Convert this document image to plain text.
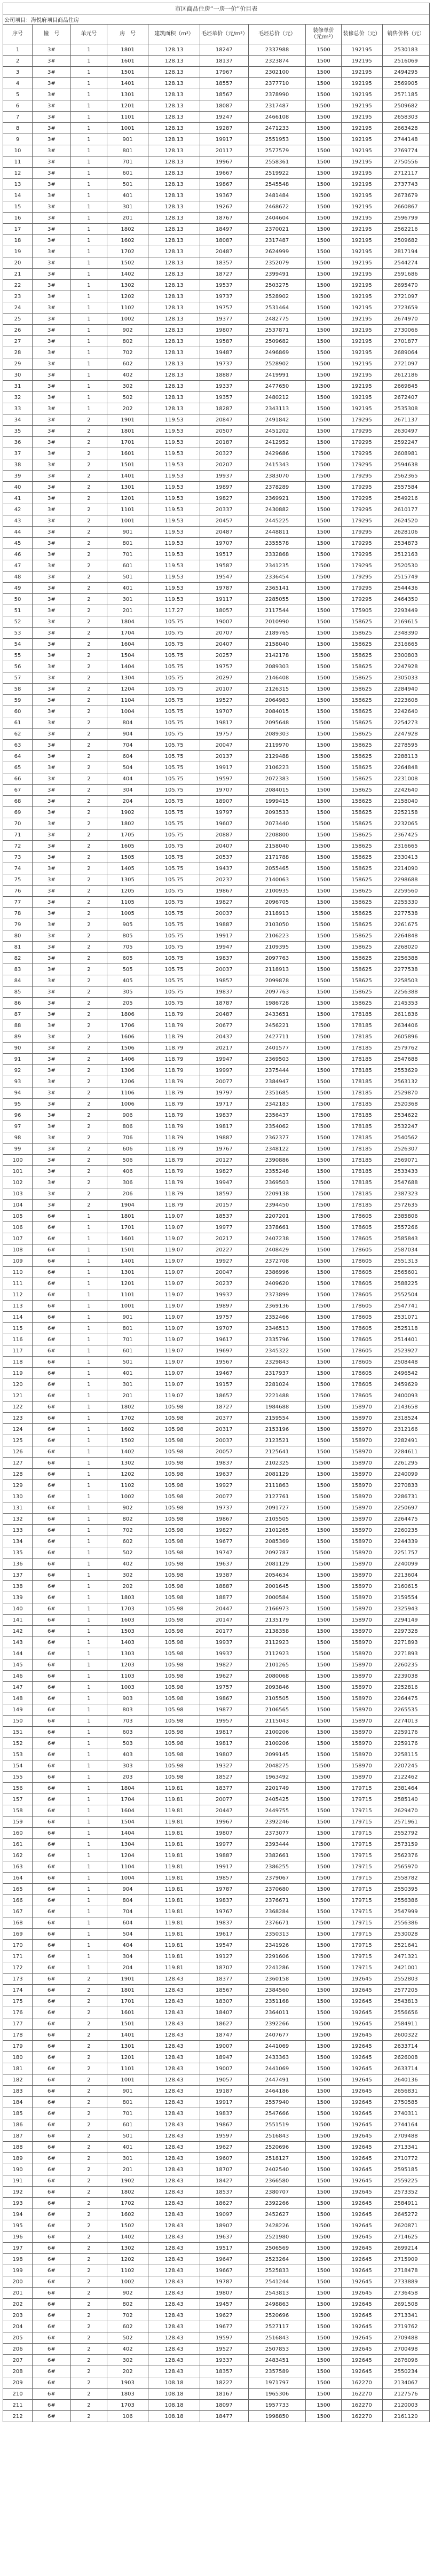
市区商品住房“一房一价”价目表									
公司项目：海悦府项目商品住房									
序号	幢　号	单元号	房　号	建筑面积（m²）	毛坯单价（元/m²）	毛坯总价（元）	装修单价（元/m²）	装修总价（元）	销售价格（元）
1	3#	1	1801	128.13	18247	2337988	1500	192195	2530183
2	3#	1	1601	128.13	18137	2323874	1500	192195	2516069
3	3#	1	1501	128.13	17967	2302100	1500	192195	2494295
4	3#	1	1401	128.13	18557	2377710	1500	192195	2569905
5	3#	1	1301	128.13	18567	2378990	1500	192195	2571185
6	3#	1	1201	128.13	18087	2317487	1500	192195	2509682
7	3#	1	1101	128.13	19247	2466108	1500	192195	2658303
8	3#	1	1001	128.13	19287	2471233	1500	192195	2663428
9	3#	1	901	128.13	19917	2551953	1500	192195	2744148
10	3#	1	801	128.13	20117	2577579	1500	192195	2769774
11	3#	1	701	128.13	19967	2558361	1500	192195	2750556
12	3#	1	601	128.13	19667	2519922	1500	192195	2712117
13	3#	1	501	128.13	19867	2545548	1500	192195	2737743
14	3#	1	401	128.13	19367	2481484	1500	192195	2673679
15	3#	1	301	128.13	19267	2468672	1500	192195	2660867
16	3#	1	201	128.13	18767	2404604	1500	192195	2596799
17	3#	1	1802	128.13	18497	2370021	1500	192195	2562216
18	3#	1	1602	128.13	18087	2317487	1500	192195	2509682
19	3#	1	1702	128.13	20487	2624999	1500	192195	2817194
20	3#	1	1502	128.13	18357	2352079	1500	192195	2544274
21	3#	1	1402	128.13	18727	2399491	1500	192195	2591686
22	3#	1	1302	128.13	19537	2503275	1500	192195	2695470
23	3#	1	1202	128.13	19737	2528902	1500	192195	2721097
24	3#	1	1102	128.13	19757	2531464	1500	192195	2723659
25	3#	1	1002	128.13	19377	2482775	1500	192195	2674970
26	3#	1	902	128.13	19807	2537871	1500	192195	2730066
27	3#	1	802	128.13	19587	2509682	1500	192195	2701877
28	3#	1	702	128.13	19487	2496869	1500	192195	2689064
29	3#	1	602	128.13	19737	2528902	1500	192195	2721097
30	3#	1	402	128.13	18887	2419991	1500	192195	2612186
31	3#	1	302	128.13	19337	2477650	1500	192195	2669845
32	3#	1	502	128.13	19357	2480212	1500	192195	2672407
33	3#	1	202	128.13	18287	2343113	1500	192195	2535308
34	3#	2	1901	119.53	20847	2491842	1500	179295	2671137
35	3#	2	1801	119.53	20507	2451202	1500	179295	2630497
36	3#	2	1701	119.53	20187	2412952	1500	179295	2592247
37	3#	2	1601	119.53	20327	2429686	1500	179295	2608981
38	3#	2	1501	119.53	20207	2415343	1500	179295	2594638
39	3#	2	1401	119.53	19937	2383070	1500	179295	2562365
40	3#	2	1301	119.53	19897	2378289	1500	179295	2557584
41	3#	2	1201	119.53	19827	2369921	1500	179295	2549216
42	3#	2	1101	119.53	20337	2430882	1500	179295	2610177
43	3#	2	1001	119.53	20457	2445225	1500	179295	2624520
44	3#	2	901	119.53	20487	2448811	1500	179295	2628106
45	3#	2	801	119.53	19707	2355578	1500	179295	2534873
46	3#	2	701	119.53	19517	2332868	1500	179295	2512163
47	3#	2	601	119.53	19587	2341235	1500	179295	2520530
48	3#	2	501	119.53	19547	2336454	1500	179295	2515749
49	3#	2	401	119.53	19787	2365141	1500	179295	2544436
50	3#	2	301	119.53	19117	2285055	1500	179295	2464350
51	3#	2	201	117.27	18057	2117544	1500	175905	2293449
52	3#	2	1804	105.75	19007	2010990	1500	158625	2169615
53	3#	2	1704	105.75	20707	2189765	1500	158625	2348390
54	3#	2	1604	105.75	20407	2158040	1500	158625	2316665
55	3#	2	1504	105.75	20257	2142178	1500	158625	2300803
56	3#	2	1404	105.75	19757	2089303	1500	158625	2247928
57	3#	2	1304	105.75	20297	2146408	1500	158625	2305033
58	3#	2	1204	105.75	20107	2126315	1500	158625	2284940
59	3#	2	1104	105.75	19527	2064983	1500	158625	2223608
60	3#	2	1004	105.75	19707	2084015	1500	158625	2242640
61	3#	2	804	105.75	19817	2095648	1500	158625	2254273
62	3#	2	904	105.75	19757	2089303	1500	158625	2247928
63	3#	2	704	105.75	20047	2119970	1500	158625	2278595
64	3#	2	604	105.75	20137	2129488	1500	158625	2288113
65	3#	2	504	105.75	19917	2106223	1500	158625	2264848
66	3#	2	404	105.75	19597	2072383	1500	158625	2231008
67	3#	2	304	105.75	19707	2084015	1500	158625	2242640
68	3#	2	204	105.75	18907	1999415	1500	158625	2158040
69	3#	2	1902	105.75	19797	2093533	1500	158625	2252158
70	3#	2	1802	105.75	19607	2073440	1500	158625	2232065
71	3#	2	1705	105.75	20887	2208800	1500	158625	2367425
72	3#	2	1605	105.75	20407	2158040	1500	158625	2316665
73	3#	2	1505	105.75	20537	2171788	1500	158625	2330413
74	3#	2	1405	105.75	19437	2055465	1500	158625	2214090
75	3#	2	1305	105.75	20237	2140063	1500	158625	2298688
76	3#	2	1205	105.75	19867	2100935	1500	158625	2259560
77	3#	2	1105	105.75	19827	2096705	1500	158625	2255330
78	3#	2	1005	105.75	20037	2118913	1500	158625	2277538
79	3#	2	905	105.75	19887	2103050	1500	158625	2261675
80	3#	2	805	105.75	19917	2106223	1500	158625	2264848
81	3#	2	705	105.75	19947	2109395	1500	158625	2268020
82	3#	2	605	105.75	19837	2097763	1500	158625	2256388
83	3#	2	505	105.75	20037	2118913	1500	158625	2277538
84	3#	2	405	105.75	19857	2099878	1500	158625	2258503
85	3#	2	305	105.75	19837	2097763	1500	158625	2256388
86	3#	2	205	105.75	18787	1986728	1500	158625	2145353
87	3#	2	1806	118.79	20487	2433651	1500	178185	2611836
88	3#	2	1706	118.79	20677	2456221	1500	178185	2634406
89	3#	2	1606	118.79	20437	2427711	1500	178185	2605896
90	3#	2	1506	118.79	20217	2401577	1500	178185	2579762
91	3#	2	1406	118.79	19947	2369503	1500	178185	2547688
92	3#	2	1306	118.79	19997	2375444	1500	178185	2553629
93	3#	2	1206	118.79	20077	2384947	1500	178185	2563132
94	3#	2	1106	118.79	19797	2351685	1500	178185	2529870
95	3#	2	1006	118.79	19717	2342183	1500	178185	2520368
96	3#	2	906	118.79	19837	2356437	1500	178185	2534622
97	3#	2	806	118.79	19817	2354062	1500	178185	2532247
98	3#	2	706	118.79	19887	2362377	1500	178185	2540562
99	3#	2	606	118.79	19767	2348122	1500	178185	2526307
100	3#	2	506	118.79	20127	2390886	1500	178185	2569071
101	3#	2	406	118.79	19827	2355248	1500	178185	2533433
102	3#	2	306	118.79	19947	2369503	1500	178185	2547688
103	3#	2	206	118.79	18597	2209138	1500	178185	2387323
104	3#	2	1904	118.79	20157	2394450	1500	178185	2572635
105	6#	1	1801	119.07	18537	2207201	1500	178605	2385806
106	6#	1	1701	119.07	19977	2378661	1500	178605	2557266
107	6#	1	1601	119.07	20217	2407238	1500	178605	2585843
108	6#	1	1501	119.07	20227	2408429	1500	178605	2587034
109	6#	1	1401	119.07	19927	2372708	1500	178605	2551313
110	6#	1	1301	119.07	20047	2386996	1500	178605	2565601
111	6#	1	1201	119.07	20237	2409620	1500	178605	2588225
112	6#	1	1101	119.07	19937	2373899	1500	178605	2552504
113	6#	1	1001	119.07	19897	2369136	1500	178605	2547741
114	6#	1	901	119.07	19757	2352466	1500	178605	2531071
115	6#	1	801	119.07	19707	2346513	1500	178605	2525118
116	6#	1	701	119.07	19617	2335796	1500	178605	2514401
117	6#	1	601	119.07	19697	2345322	1500	178605	2523927
118	6#	1	501	119.07	19567	2329843	1500	178605	2508448
119	6#	1	401	119.07	19467	2317937	1500	178605	2496542
120	6#	1	301	119.07	19157	2281024	1500	178605	2459629
121	6#	1	201	119.07	18657	2221488	1500	178605	2400093
122	6#	1	1802	105.98	18727	1984688	1500	158970	2143658
123	6#	1	1702	105.98	20377	2159554	1500	158970	2318524
124	6#	1	1602	105.98	20317	2153196	1500	158970	2312166
125	6#	1	1502	105.98	20037	2123521	1500	158970	2282491
126	6#	1	1402	105.98	20057	2125641	1500	158970	2284611
127	6#	1	1302	105.98	19837	2102325	1500	158970	2261295
128	6#	1	1202	105.98	19637	2081129	1500	158970	2240099
129	6#	1	1102	105.98	19927	2111863	1500	158970	2270833
130	6#	1	1002	105.98	20077	2127761	1500	158970	2286731
131	6#	1	902	105.98	19737	2091727	1500	158970	2250697
132	6#	1	802	105.98	19867	2105505	1500	158970	2264475
133	6#	1	702	105.98	19827	2101265	1500	158970	2260235
134	6#	1	602	105.98	19677	2085369	1500	158970	2244339
135	6#	1	502	105.98	19747	2092787	1500	158970	2251757
136	6#	1	402	105.98	19637	2081129	1500	158970	2240099
137	6#	1	302	105.98	19387	2054634	1500	158970	2213604
138	6#	1	202	105.98	18887	2001645	1500	158970	2160615
139	6#	1	1803	105.98	18877	2000584	1500	158970	2159554
140	6#	1	1703	105.98	20447	2166973	1500	158970	2325943
141	6#	1	1603	105.98	20147	2135179	1500	158970	2294149
142	6#	1	1503	105.98	20177	2138358	1500	158970	2297328
143	6#	1	1403	105.98	19937	2112923	1500	158970	2271893
144	6#	1	1303	105.98	19937	2112923	1500	158970	2271893
145	6#	1	1203	105.98	19827	2101265	1500	158970	2260235
146	6#	1	1103	105.98	19627	2080068	1500	158970	2239038
147	6#	1	1003	105.98	19757	2093846	1500	158970	2252816
148	6#	1	903	105.98	19867	2105505	1500	158970	2264475
149	6#	1	803	105.98	19877	2106565	1500	158970	2265535
150	6#	1	703	105.98	19957	2115043	1500	158970	2274013
151	6#	1	603	105.98	19817	2100206	1500	158970	2259176
152	6#	1	503	105.98	19817	2100206	1500	158970	2259176
153	6#	1	403	105.98	19807	2099145	1500	158970	2258115
154	6#	1	303	105.98	19327	2048275	1500	158970	2207245
155	6#	1	203	105.98	18527	1963492	1500	158970	2122462
156	6#	1	1804	119.81	18377	2201749	1500	179715	2381464
157	6#	1	1704	119.81	20077	2405425	1500	179715	2585140
158	6#	1	1604	119.81	20447	2449755	1500	179715	2629470
159	6#	1	1504	119.81	19967	2392246	1500	179715	2571961
160	6#	1	1404	119.81	19807	2373077	1500	179715	2552792
161	6#	1	1304	119.81	19977	2393444	1500	179715	2573159
162	6#	1	1204	119.81	19887	2382661	1500	179715	2562376
163	6#	1	1104	119.81	19917	2386255	1500	179715	2565970
164	6#	1	1004	119.81	19857	2379067	1500	179715	2558782
165	6#	1	904	119.81	19787	2370680	1500	179715	2550395
166	6#	1	804	119.81	19837	2376671	1500	179715	2556386
167	6#	1	704	119.81	19767	2368284	1500	179715	2547999
168	6#	1	604	119.81	19837	2376671	1500	179715	2556386
169	6#	1	504	119.81	19617	2350313	1500	179715	2530028
170	6#	1	404	119.81	19547	2341926	1500	179715	2521641
171	6#	1	304	119.81	19127	2291606	1500	179715	2471321
172	6#	1	204	119.81	18707	2241286	1500	179715	2421001
173	6#	2	1901	128.43	18377	2360158	1500	192645	2552803
174	6#	2	1801	128.43	18567	2384560	1500	192645	2577205
175	6#	2	1701	128.43	18307	2351168	1500	192645	2543813
176	6#	2	1601	128.43	18407	2364011	1500	192645	2556656
177	6#	2	1501	128.43	18627	2392266	1500	192645	2584911
178	6#	2	1401	128.43	18747	2407677	1500	192645	2600322
179	6#	2	1301	128.43	19007	2441069	1500	192645	2633714
180	6#	2	1201	128.43	18947	2433363	1500	192645	2626008
181	6#	2	1101	128.43	19007	2441069	1500	192645	2633714
182	6#	2	1001	128.43	19057	2447491	1500	192645	2640136
183	6#	2	901	128.43	19187	2464186	1500	192645	2656831
184	6#	2	801	128.43	19917	2557940	1500	192645	2750585
185	6#	2	701	128.43	19837	2547666	1500	192645	2740311
186	6#	2	601	128.43	19867	2551519	1500	192645	2744164
187	6#	2	501	128.43	19597	2516843	1500	192645	2709488
188	6#	2	401	128.43	19627	2520696	1500	192645	2713341
189	6#	2	301	128.43	19607	2518127	1500	192645	2710772
190	6#	2	201	128.43	18707	2402540	1500	192645	2595185
191	6#	2	1902	128.43	18427	2366580	1500	192645	2559225
192	6#	2	1802	128.43	18537	2380707	1500	192645	2573352
193	6#	2	1702	128.43	18627	2392266	1500	192645	2584911
194	6#	2	1602	128.43	19097	2452627	1500	192645	2645272
195	6#	2	1502	128.43	18907	2428226	1500	192645	2620871
196	6#	2	1402	128.43	19637	2521980	1500	192645	2714625
197	6#	2	1302	128.43	19517	2506569	1500	192645	2699214
198	6#	2	1202	128.43	19647	2523264	1500	192645	2715909
199	6#	2	1102	128.43	19667	2525833	1500	192645	2718478
200	6#	2	1002	128.43	19787	2541244	1500	192645	2733889
201	6#	2	902	128.43	19807	2543813	1500	192645	2736458
202	6#	2	802	128.43	19457	2498863	1500	192645	2691508
203	6#	2	702	128.43	19627	2520696	1500	192645	2713341
204	6#	2	602	128.43	19677	2527117	1500	192645	2719762
205	6#	2	502	128.43	19597	2516843	1500	192645	2709488
206	6#	2	402	128.43	19527	2507853	1500	192645	2700498
207	6#	2	302	128.43	19337	2483451	1500	192645	2676096
208	6#	2	202	128.43	18357	2357589	1500	192645	2550234
209	6#	2	1903	108.18	18227	1971797	1500	162270	2134067
210	6#	2	1803	108.18	18167	1965306	1500	162270	2127576
211	6#	2	1703	108.18	18097	1957733	1500	162270	2120003
212	6#	2	106	108.18	18477	1998850	1500	162270	2161120
